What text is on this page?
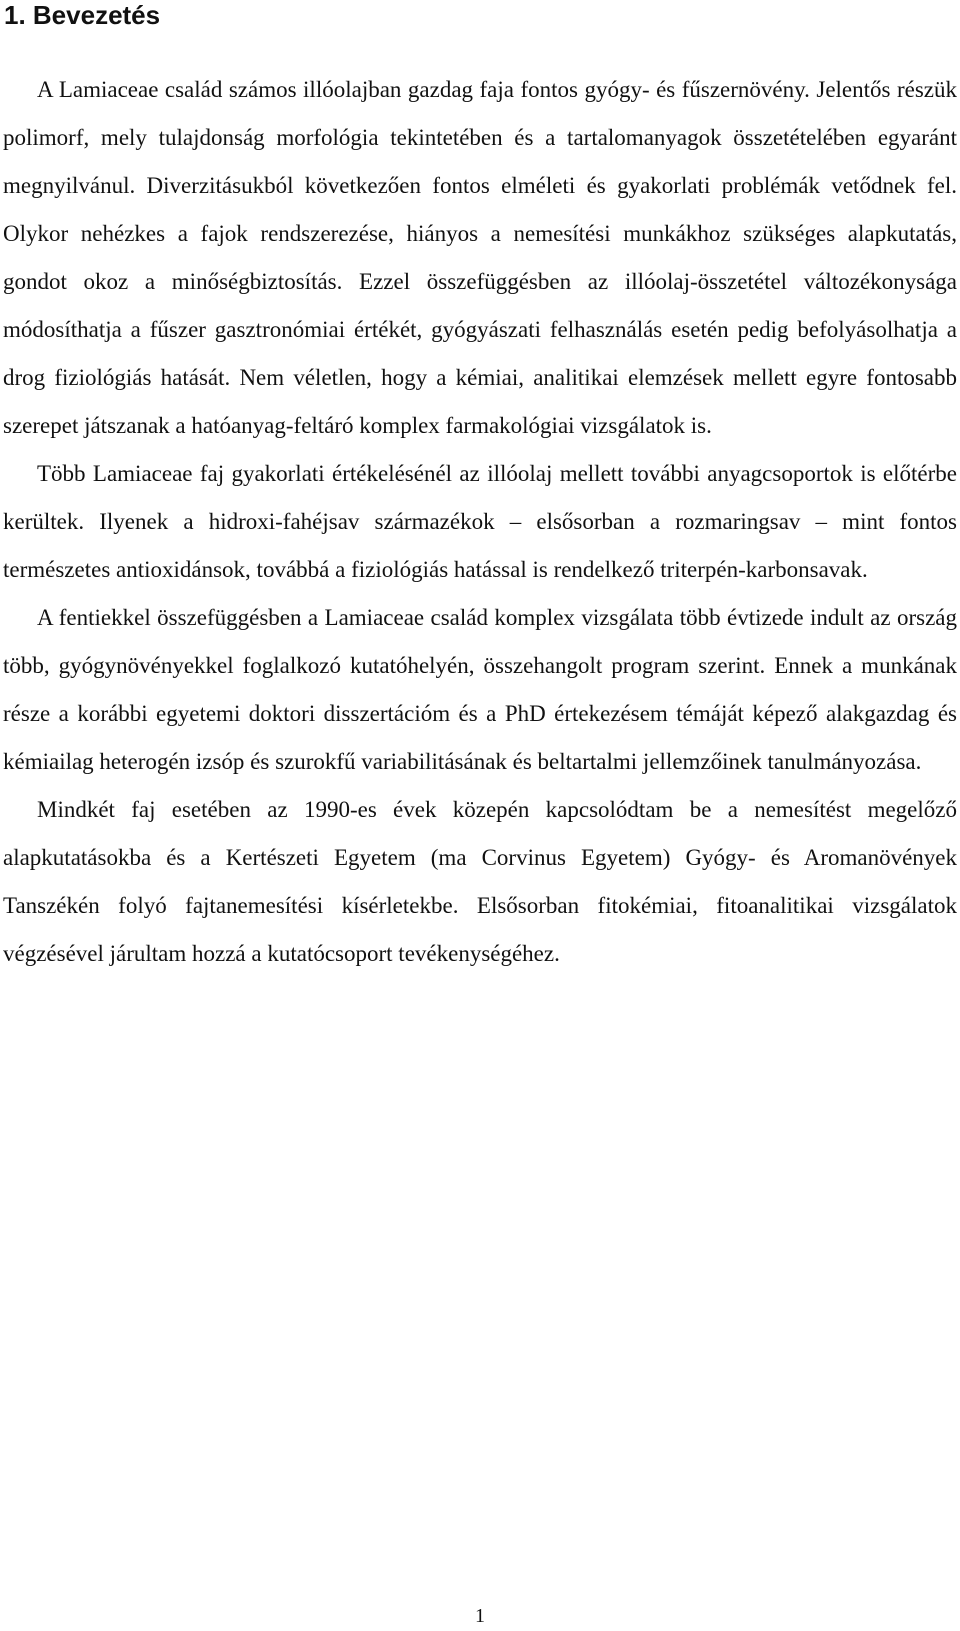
1. Bevezetés

A Lamiaceae család számos illóolajban gazdag faja fontos gyógy- és fűszernövény. Jelentős részük polimorf, mely tulajdonság morfológia tekintetében és a tartalomanyagok összetételében egyaránt megnyilvánul. Diverzitásukból következően fontos elméleti és gyakorlati problémák vetődnek fel. Olykor nehézkes a fajok rendszerezése, hiányos a nemesítési munkákhoz szükséges alapkutatás, gondot okoz a minőségbiztosítás. Ezzel összefüggésben az illóolaj-összetétel változékonysága módosíthatja a fűszer gasztronómiai értékét, gyógyászati felhasználás esetén pedig befolyásolhatja a drog fiziológiás hatását. Nem véletlen, hogy a kémiai, analitikai elemzések mellett egyre fontosabb szerepet játszanak a hatóanyag-feltáró komplex farmakológiai vizsgálatok is.

Több Lamiaceae faj gyakorlati értékelésénél az illóolaj mellett további anyagcsoportok is előtérbe kerültek. Ilyenek a hidroxi-fahéjsav származékok – elsősorban a rozmaringsav – mint fontos természetes antioxidánsok, továbbá a fiziológiás hatással is rendelkező triterpén-karbonsavak.

A fentiekkel összefüggésben a Lamiaceae család komplex vizsgálata több évtizede indult az ország több, gyógynövényekkel foglalkozó kutatóhelyén, összehangolt program szerint. Ennek a munkának része a korábbi egyetemi doktori disszertációm és a PhD értekezésem témáját képező alakgazdag és kémiailag heterogén izsóp és szurokfű variabilitásának és beltartalmi jellemzőinek tanulmányozása.

Mindkét faj esetében az 1990-es évek közepén kapcsolódtam be a nemesítést megelőző alapkutatásokba és a Kertészeti Egyetem (ma Corvinus Egyetem) Gyógy- és Aromanövények Tanszékén folyó fajtanemesítési kísérletekbe. Elsősorban fitokémiai, fitoanalitikai vizsgálatok végzésével járultam hozzá a kutatócsoport tevékenységéhez.

1
